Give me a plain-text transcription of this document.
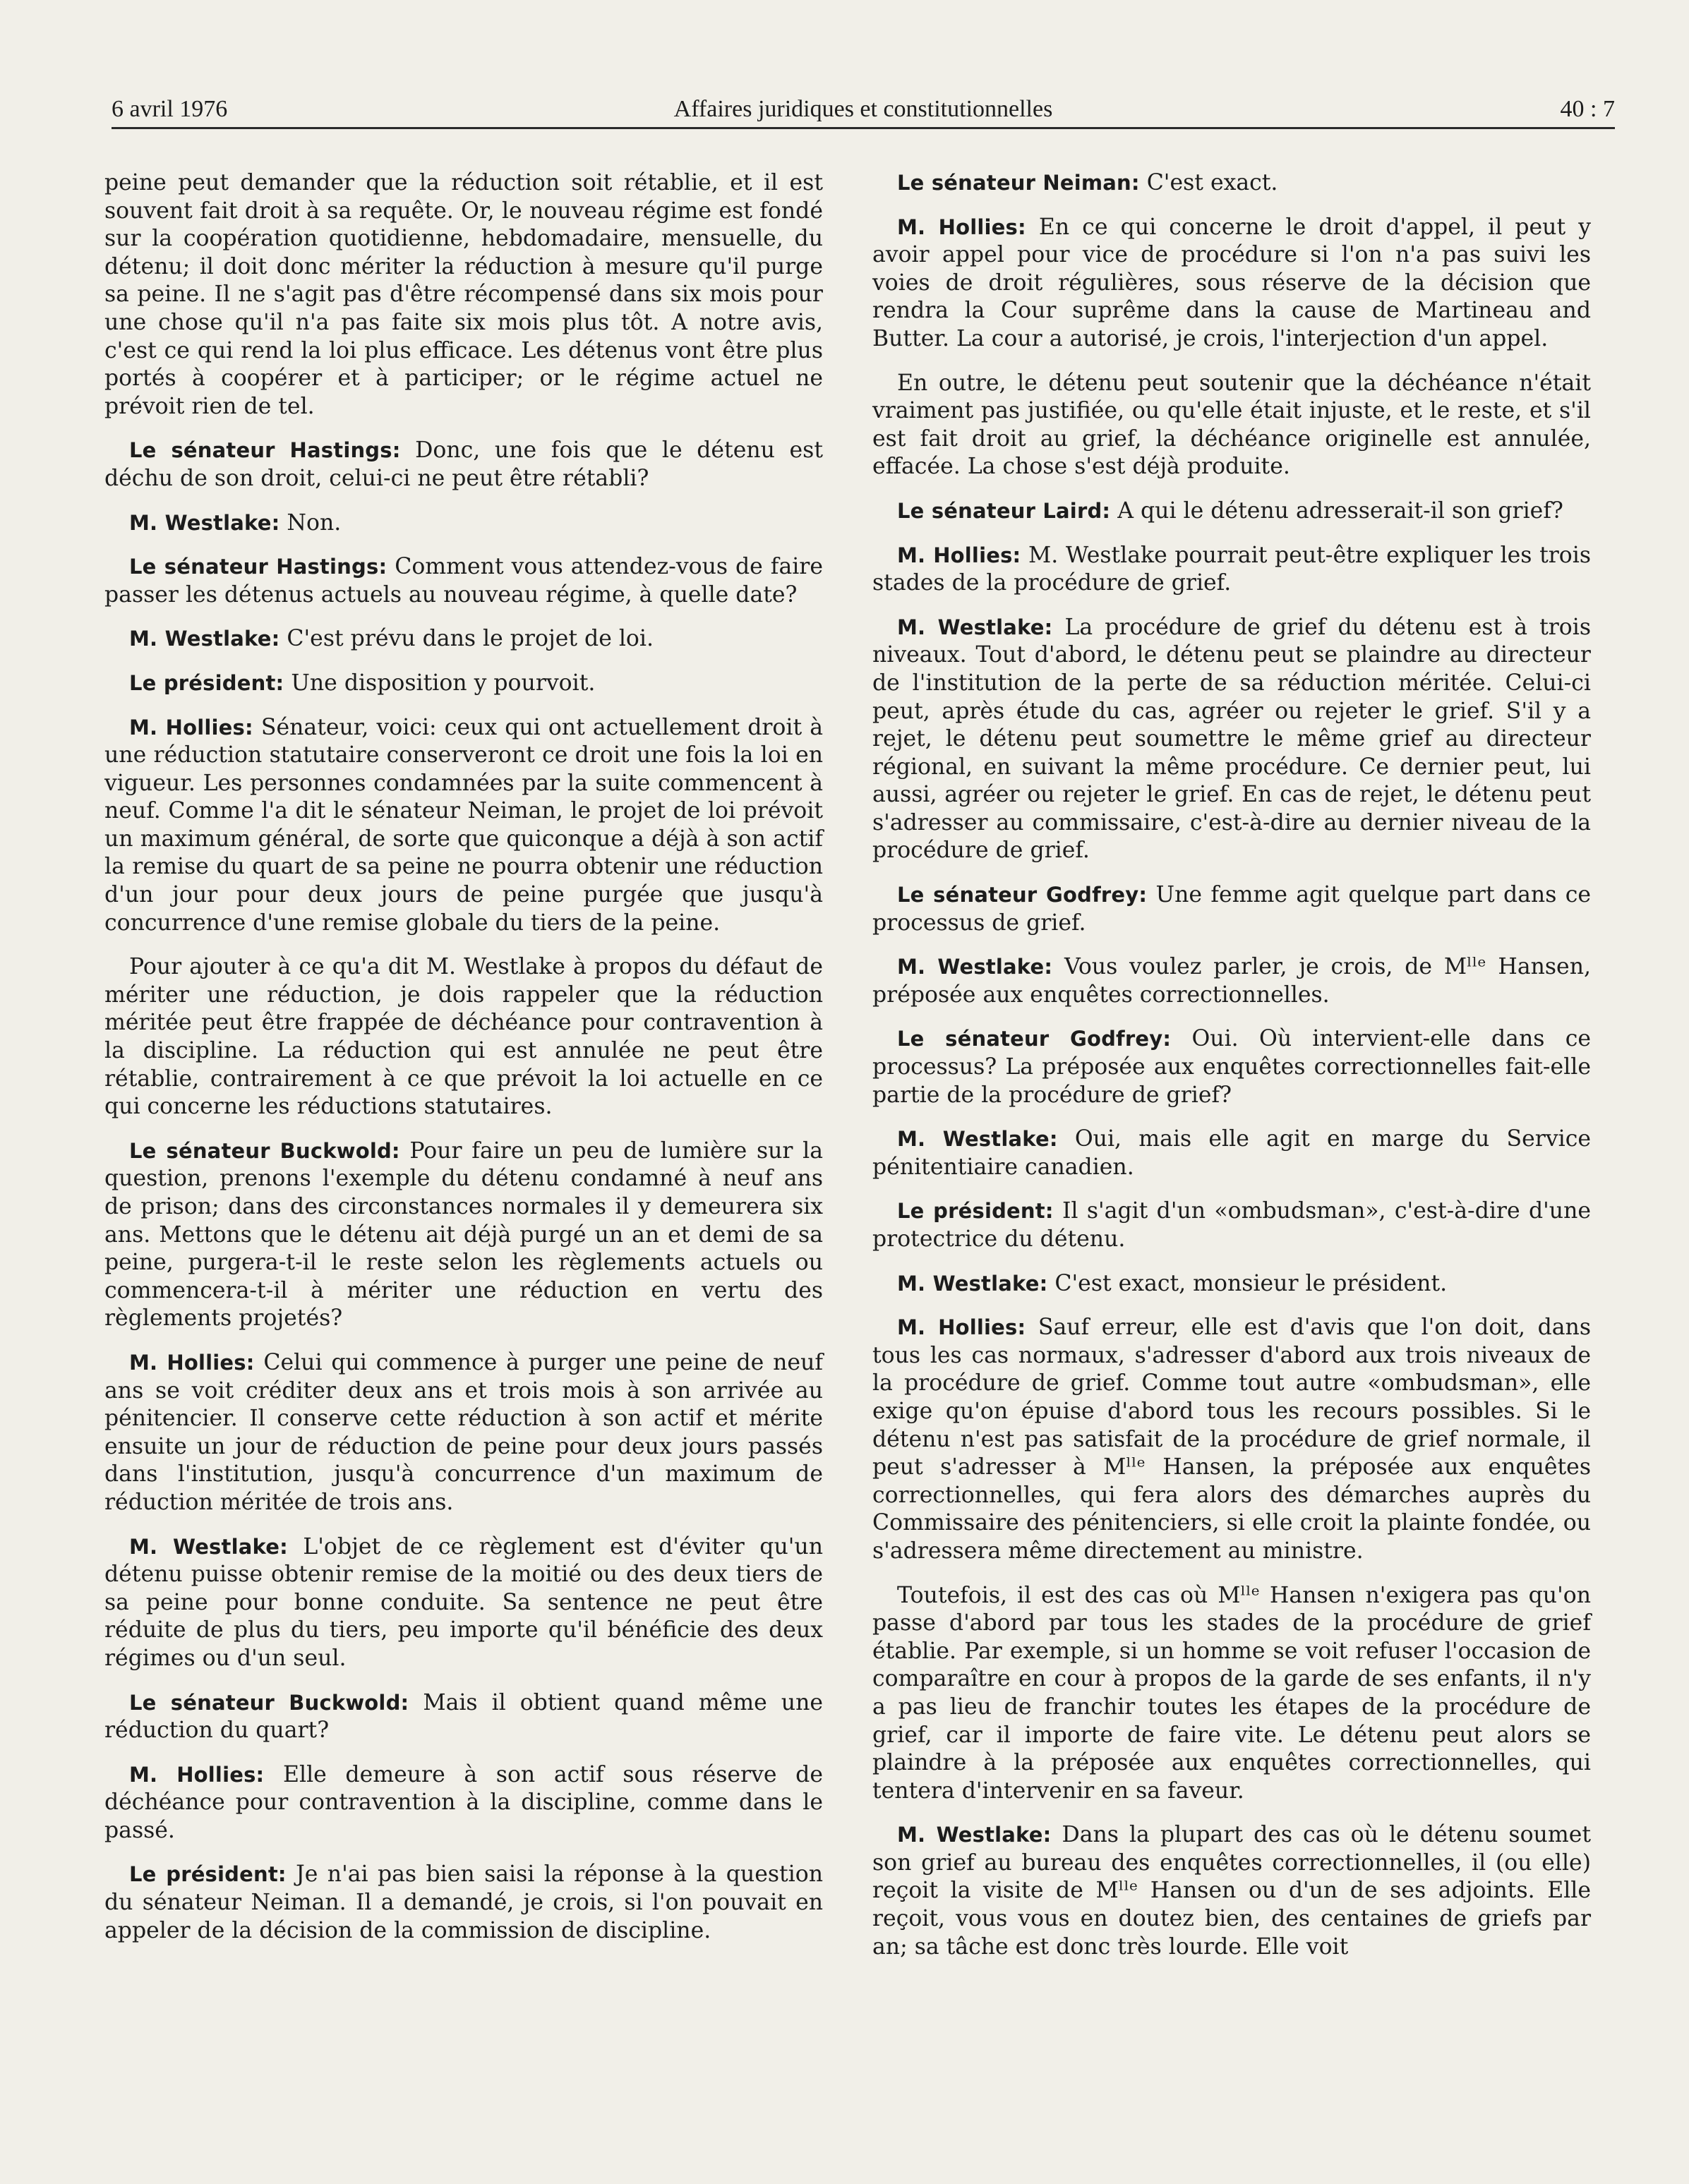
6 avril 1976	Affaires juridiques et constitutionnelles	40 : 7

peine peut demander que la réduction soit rétablie, et il est souvent fait droit à sa requête. Or, le nouveau régime est fondé sur la coopération quotidienne, hebdomadaire, mensuelle, du détenu; il doit donc mériter la réduction à mesure qu'il purge sa peine. Il ne s'agit pas d'être récompensé dans six mois pour une chose qu'il n'a pas faite six mois plus tôt. A notre avis, c'est ce qui rend la loi plus efficace. Les détenus vont être plus portés à coopérer et à participer; or le régime actuel ne prévoit rien de tel.

Le sénateur Hastings: Donc, une fois que le détenu est déchu de son droit, celui-ci ne peut être rétabli?

M. Westlake: Non.

Le sénateur Hastings: Comment vous attendez-vous de faire passer les détenus actuels au nouveau régime, à quelle date?

M. Westlake: C'est prévu dans le projet de loi.

Le président: Une disposition y pourvoit.

M. Hollies: Sénateur, voici: ceux qui ont actuellement droit à une réduction statutaire conserveront ce droit une fois la loi en vigueur. Les personnes condamnées par la suite commencent à neuf. Comme l'a dit le sénateur Neiman, le projet de loi prévoit un maximum général, de sorte que quiconque a déjà à son actif la remise du quart de sa peine ne pourra obtenir une réduction d'un jour pour deux jours de peine purgée que jusqu'à concurrence d'une remise globale du tiers de la peine.

Pour ajouter à ce qu'a dit M. Westlake à propos du défaut de mériter une réduction, je dois rappeler que la réduction méritée peut être frappée de déchéance pour contravention à la discipline. La réduction qui est annulée ne peut être rétablie, contrairement à ce que prévoit la loi actuelle en ce qui concerne les réductions statutaires.

Le sénateur Buckwold: Pour faire un peu de lumière sur la question, prenons l'exemple du détenu condamné à neuf ans de prison; dans des circonstances normales il y demeurera six ans. Mettons que le détenu ait déjà purgé un an et demi de sa peine, purgera-t-il le reste selon les règlements actuels ou commencera-t-il à mériter une réduction en vertu des règlements projetés?

M. Hollies: Celui qui commence à purger une peine de neuf ans se voit créditer deux ans et trois mois à son arrivée au pénitencier. Il conserve cette réduction à son actif et mérite ensuite un jour de réduction de peine pour deux jours passés dans l'institution, jusqu'à concurrence d'un maximum de réduction méritée de trois ans.

M. Westlake: L'objet de ce règlement est d'éviter qu'un détenu puisse obtenir remise de la moitié ou des deux tiers de sa peine pour bonne conduite. Sa sentence ne peut être réduite de plus du tiers, peu importe qu'il bénéficie des deux régimes ou d'un seul.

Le sénateur Buckwold: Mais il obtient quand même une réduction du quart?

M. Hollies: Elle demeure à son actif sous réserve de déchéance pour contravention à la discipline, comme dans le passé.

Le président: Je n'ai pas bien saisi la réponse à la question du sénateur Neiman. Il a demandé, je crois, si l'on pouvait en appeler de la décision de la commission de discipline.

Le sénateur Neiman: C'est exact.

M. Hollies: En ce qui concerne le droit d'appel, il peut y avoir appel pour vice de procédure si l'on n'a pas suivi les voies de droit régulières, sous réserve de la décision que rendra la Cour suprême dans la cause de Martineau and Butter. La cour a autorisé, je crois, l'interjection d'un appel.

En outre, le détenu peut soutenir que la déchéance n'était vraiment pas justifiée, ou qu'elle était injuste, et le reste, et s'il est fait droit au grief, la déchéance originelle est annulée, effacée. La chose s'est déjà produite.

Le sénateur Laird: A qui le détenu adresserait-il son grief?

M. Hollies: M. Westlake pourrait peut-être expliquer les trois stades de la procédure de grief.

M. Westlake: La procédure de grief du détenu est à trois niveaux. Tout d'abord, le détenu peut se plaindre au directeur de l'institution de la perte de sa réduction méritée. Celui-ci peut, après étude du cas, agréer ou rejeter le grief. S'il y a rejet, le détenu peut soumettre le même grief au directeur régional, en suivant la même procédure. Ce dernier peut, lui aussi, agréer ou rejeter le grief. En cas de rejet, le détenu peut s'adresser au commissaire, c'est-à-dire au dernier niveau de la procédure de grief.

Le sénateur Godfrey: Une femme agit quelque part dans ce processus de grief.

M. Westlake: Vous voulez parler, je crois, de Mˡˡᵉ Hansen, préposée aux enquêtes correctionnelles.

Le sénateur Godfrey: Oui. Où intervient-elle dans ce processus? La préposée aux enquêtes correctionnelles fait-elle partie de la procédure de grief?

M. Westlake: Oui, mais elle agit en marge du Service pénitentiaire canadien.

Le président: Il s'agit d'un «ombudsman», c'est-à-dire d'une protectrice du détenu.

M. Westlake: C'est exact, monsieur le président.

M. Hollies: Sauf erreur, elle est d'avis que l'on doit, dans tous les cas normaux, s'adresser d'abord aux trois niveaux de la procédure de grief. Comme tout autre «ombudsman», elle exige qu'on épuise d'abord tous les recours possibles. Si le détenu n'est pas satisfait de la procédure de grief normale, il peut s'adresser à Mˡˡᵉ Hansen, la préposée aux enquêtes correctionnelles, qui fera alors des démarches auprès du Commissaire des pénitenciers, si elle croit la plainte fondée, ou s'adressera même directement au ministre.

Toutefois, il est des cas où Mˡˡᵉ Hansen n'exigera pas qu'on passe d'abord par tous les stades de la procédure de grief établie. Par exemple, si un homme se voit refuser l'occasion de comparaître en cour à propos de la garde de ses enfants, il n'y a pas lieu de franchir toutes les étapes de la procédure de grief, car il importe de faire vite. Le détenu peut alors se plaindre à la préposée aux enquêtes correctionnelles, qui tentera d'intervenir en sa faveur.

M. Westlake: Dans la plupart des cas où le détenu soumet son grief au bureau des enquêtes correctionnelles, il (ou elle) reçoit la visite de Mˡˡᵉ Hansen ou d'un de ses adjoints. Elle reçoit, vous vous en doutez bien, des centaines de griefs par an; sa tâche est donc très lourde. Elle voit
